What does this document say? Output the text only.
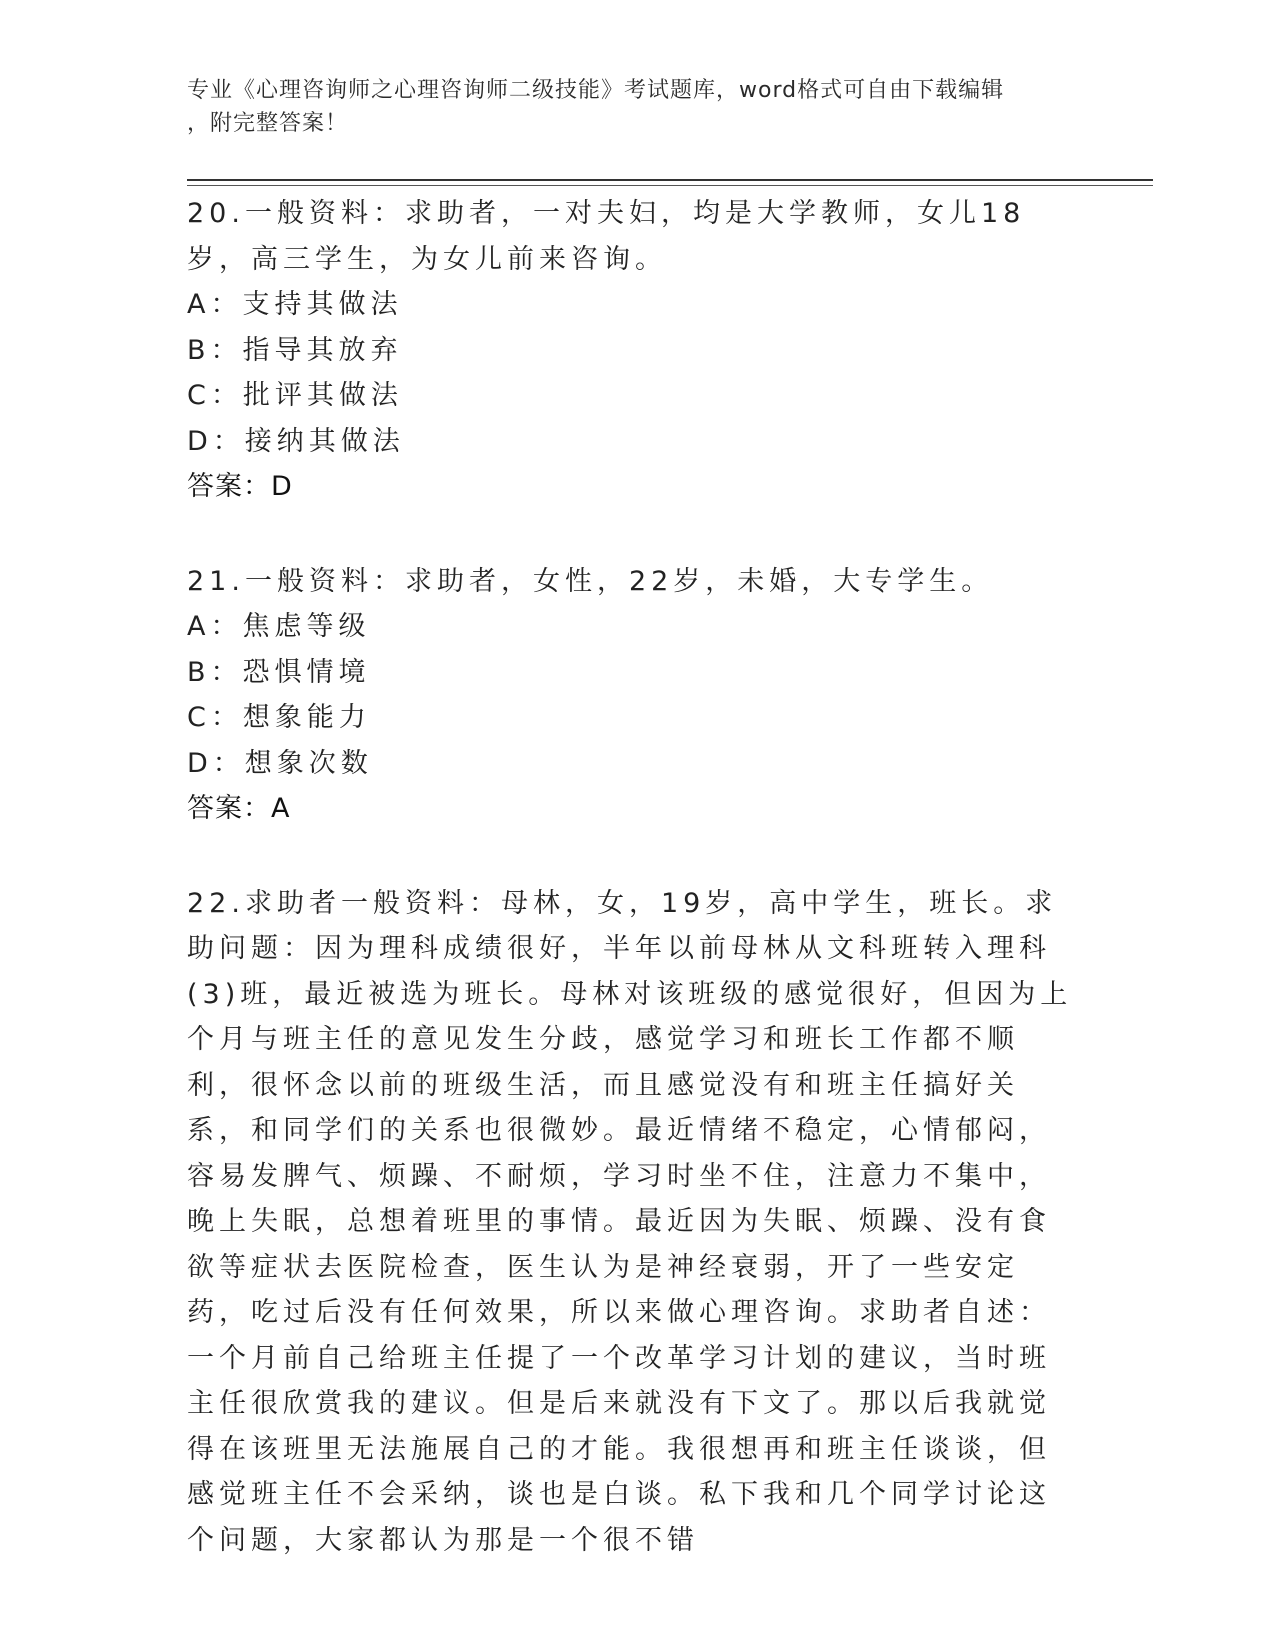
专业《心理咨询师之心理咨询师二级技能》考试题库，word格式可自由下载编辑
，附完整答案！

20.一般资料：求助者，一对夫妇，均是大学教师，女儿18岁，高三学生，为女儿前来咨询。

A：支持其做法

B：指导其放弃

C：批评其做法

D：接纳其做法

答案：D

21.一般资料：求助者，女性，22岁，未婚，大专学生。

A：焦虑等级

B：恐惧情境

C：想象能力

D：想象次数

答案：A

22.求助者一般资料：母林，女，19岁，高中学生，班长。求助问题：因为理科成绩很好，半年以前母林从文科班转入理科(3)班，最近被选为班长。母林对该班级的感觉很好，但因为上个月与班主任的意见发生分歧，感觉学习和班长工作都不顺利，很怀念以前的班级生活，而且感觉没有和班主任搞好关系，和同学们的关系也很微妙。最近情绪不稳定，心情郁闷，容易发脾气、烦躁、不耐烦，学习时坐不住，注意力不集中，晚上失眠，总想着班里的事情。最近因为失眠、烦躁、没有食欲等症状去医院检查，医生认为是神经衰弱，开了一些安定药，吃过后没有任何效果，所以来做心理咨询。求助者自述：一个月前自己给班主任提了一个改革学习计划的建议，当时班主任很欣赏我的建议。但是后来就没有下文了。那以后我就觉得在该班里无法施展自己的才能。我很想再和班主任谈谈，但感觉班主任不会采纳，谈也是白谈。私下我和几个同学讨论这个问题，大家都认为那是一个很不错
